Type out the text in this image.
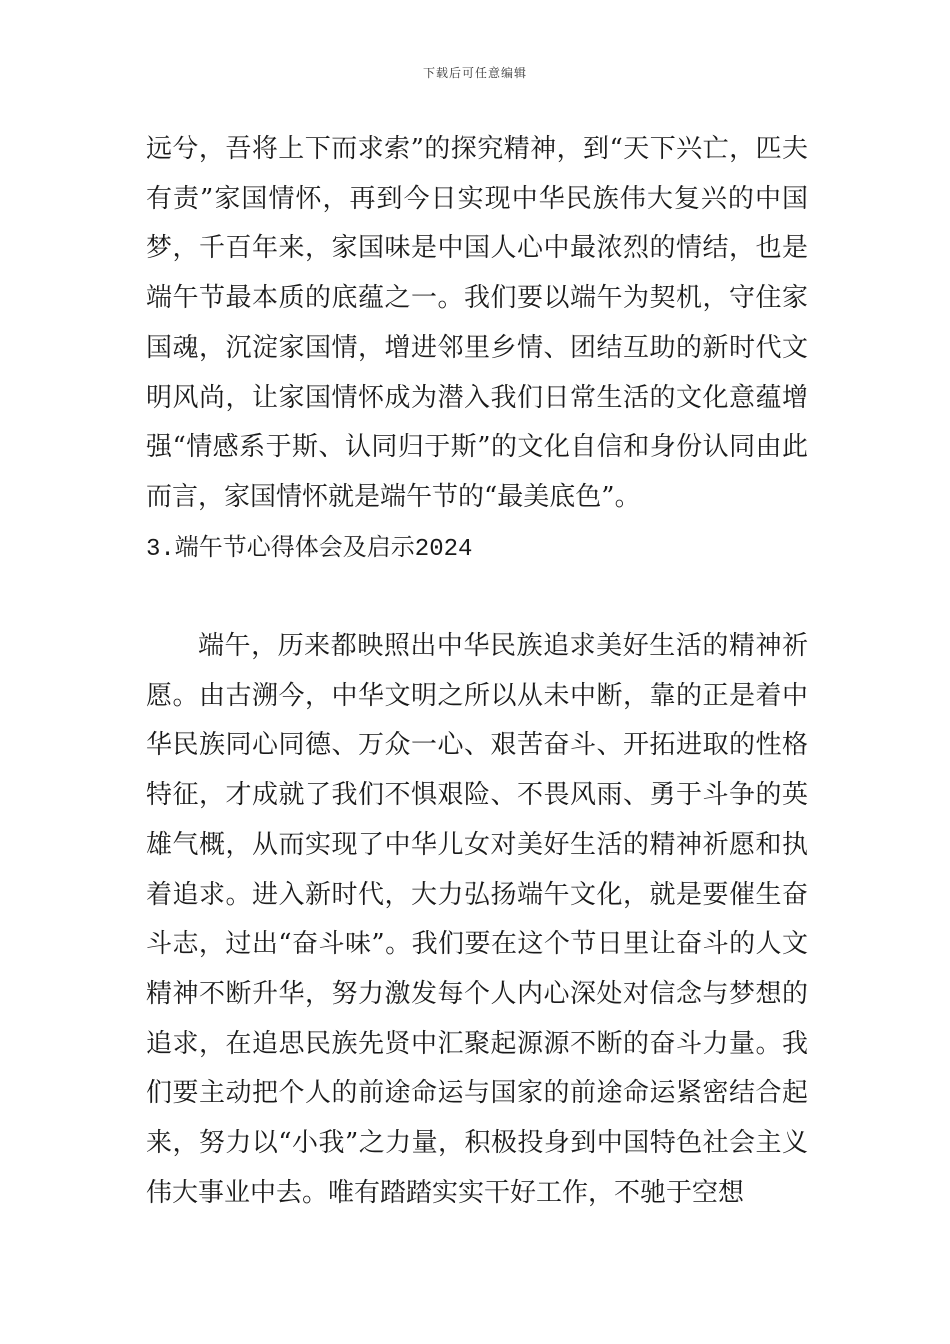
下载后可任意编辑

远兮，吾将上下而求索”的探究精神，到“天下兴亡，匹夫有责”家国情怀，再到今日实现中华民族伟大复兴的中国梦，千百年来，家国味是中国人心中最浓烈的情结，也是端午节最本质的底蕴之一。我们要以端午为契机，守住家国魂，沉淀家国情，增进邻里乡情、团结互助的新时代文明风尚，让家国情怀成为潜入我们日常生活的文化意蕴增强“情感系于斯、认同归于斯”的文化自信和身份认同由此而言，家国情怀就是端午节的“最美底色”。

3.端午节心得体会及启示2024

端午，历来都映照出中华民族追求美好生活的精神祈愿。由古溯今，中华文明之所以从未中断，靠的正是着中华民族同心同德、万众一心、艰苦奋斗、开拓进取的性格特征，才成就了我们不惧艰险、不畏风雨、勇于斗争的英雄气概，从而实现了中华儿女对美好生活的精神祈愿和执着追求。进入新时代，大力弘扬端午文化，就是要催生奋斗志，过出“奋斗味”。我们要在这个节日里让奋斗的人文精神不断升华，努力激发每个人内心深处对信念与梦想的追求，在追思民族先贤中汇聚起源源不断的奋斗力量。我们要主动把个人的前途命运与国家的前途命运紧密结合起来，努力以“小我”之力量，积极投身到中国特色社会主义伟大事业中去。唯有踏踏实实干好工作，不驰于空想
